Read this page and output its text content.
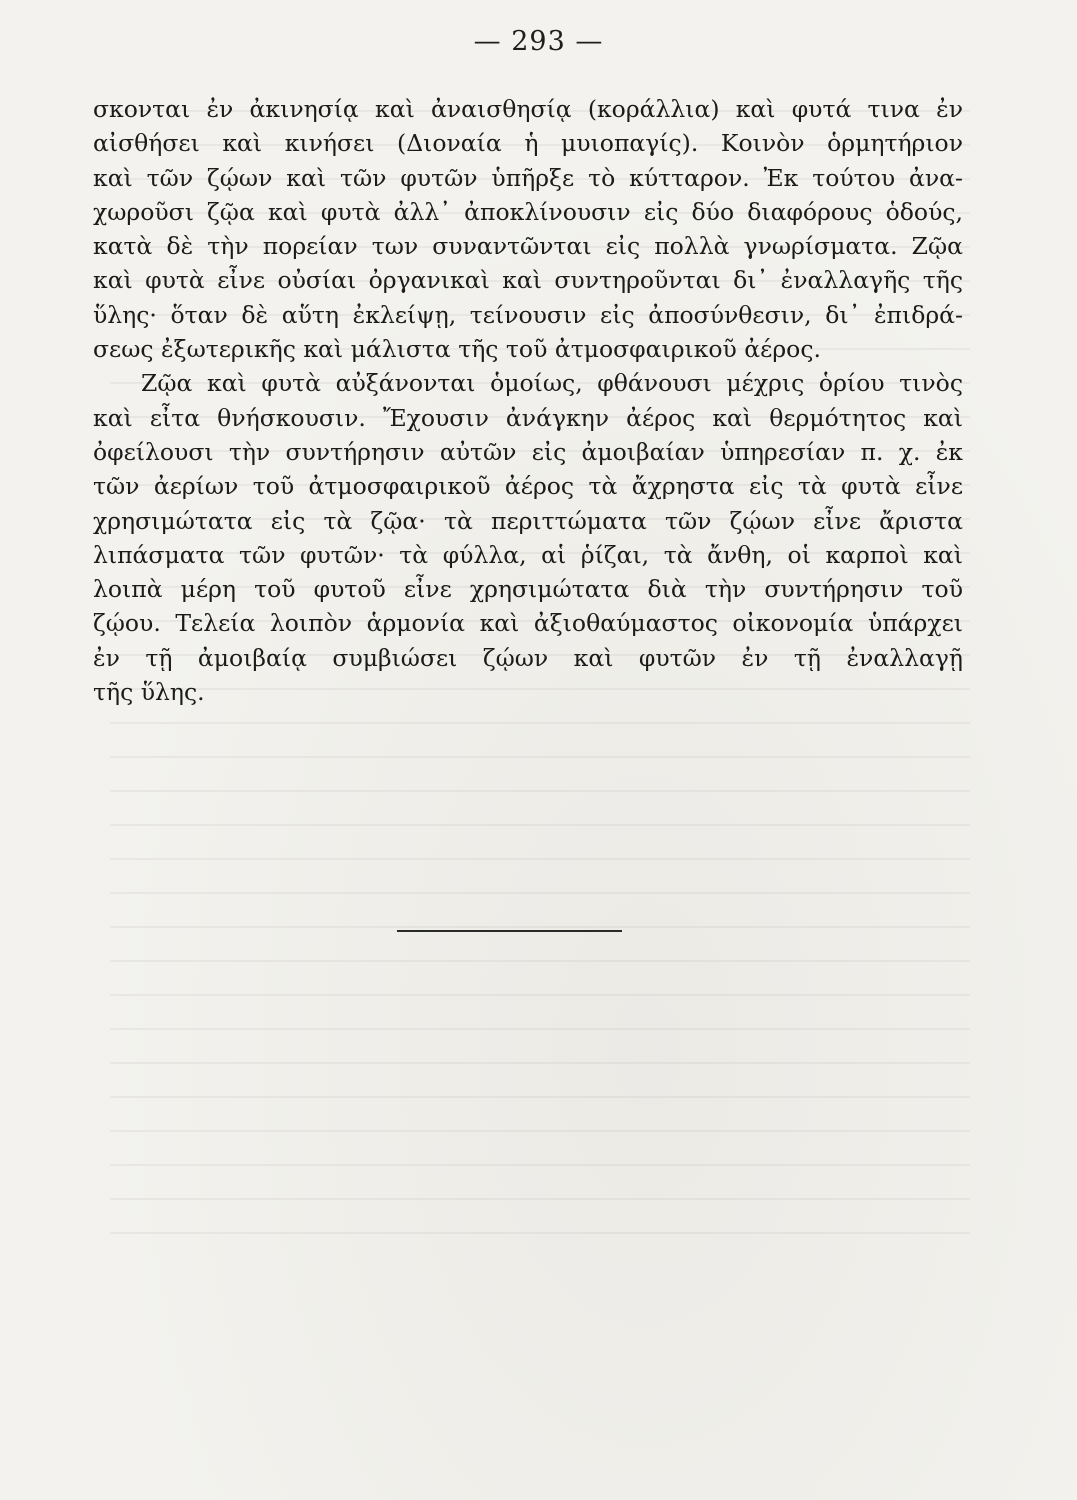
— 293 —

σκονται ἐν ἀκινησίᾳ καὶ ἀναισθησίᾳ (κοράλλια) καὶ φυτά τινα ἐν
αἰσθήσει καὶ κινήσει (Διοναία ἡ μυιοπαγίς). Κοινὸν ὁρμητήριον
καὶ τῶν ζῴων καὶ τῶν φυτῶν ὑπῆρξε τὸ κύτταρον. Ἐκ τούτου ἀνα-
χωροῦσι ζῷα καὶ φυτὰ ἀλλ᾽ ἀποκλίνουσιν εἰς δύο διαφόρους ὁδούς,
κατὰ δὲ τὴν πορείαν των συναντῶνται εἰς πολλὰ γνωρίσματα. Ζῷα
καὶ φυτὰ εἶνε οὐσίαι ὀργανικαὶ καὶ συντηροῦνται δι᾽ ἐναλλαγῆς τῆς
ὕλης· ὅταν δὲ αὕτη ἐκλείψῃ, τείνουσιν εἰς ἀποσύνθεσιν, δι᾽ ἐπιδρά-
σεως ἐξωτερικῆς καὶ μάλιστα τῆς τοῦ ἀτμοσφαιρικοῦ ἀέρος.

Ζῷα καὶ φυτὰ αὐξάνονται ὁμοίως, φθάνουσι μέχρις ὁρίου τινὸς
καὶ εἶτα θνήσκουσιν. Ἔχουσιν ἀνάγκην ἀέρος καὶ θερμότητος καὶ
ὀφείλουσι τὴν συντήρησιν αὐτῶν εἰς ἀμοιβαίαν ὑπηρεσίαν π. χ. ἐκ
τῶν ἀερίων τοῦ ἀτμοσφαιρικοῦ ἀέρος τὰ ἄχρηστα εἰς τὰ φυτὰ εἶνε
χρησιμώτατα εἰς τὰ ζῷα· τὰ περιττώματα τῶν ζῴων εἶνε ἄριστα
λιπάσματα τῶν φυτῶν· τὰ φύλλα, αἱ ῥίζαι, τὰ ἄνθη, οἱ καρποὶ καὶ
λοιπὰ μέρη τοῦ φυτοῦ εἶνε χρησιμώτατα διὰ τὴν συντήρησιν τοῦ
ζῴου. Τελεία λοιπὸν ἁρμονία καὶ ἀξιοθαύμαστος οἰκονομία ὑπάρχει
ἐν τῇ ἀμοιβαίᾳ συμβιώσει ζῴων καὶ φυτῶν ἐν τῇ ἐναλλαγῇ
τῆς ὕλης.
